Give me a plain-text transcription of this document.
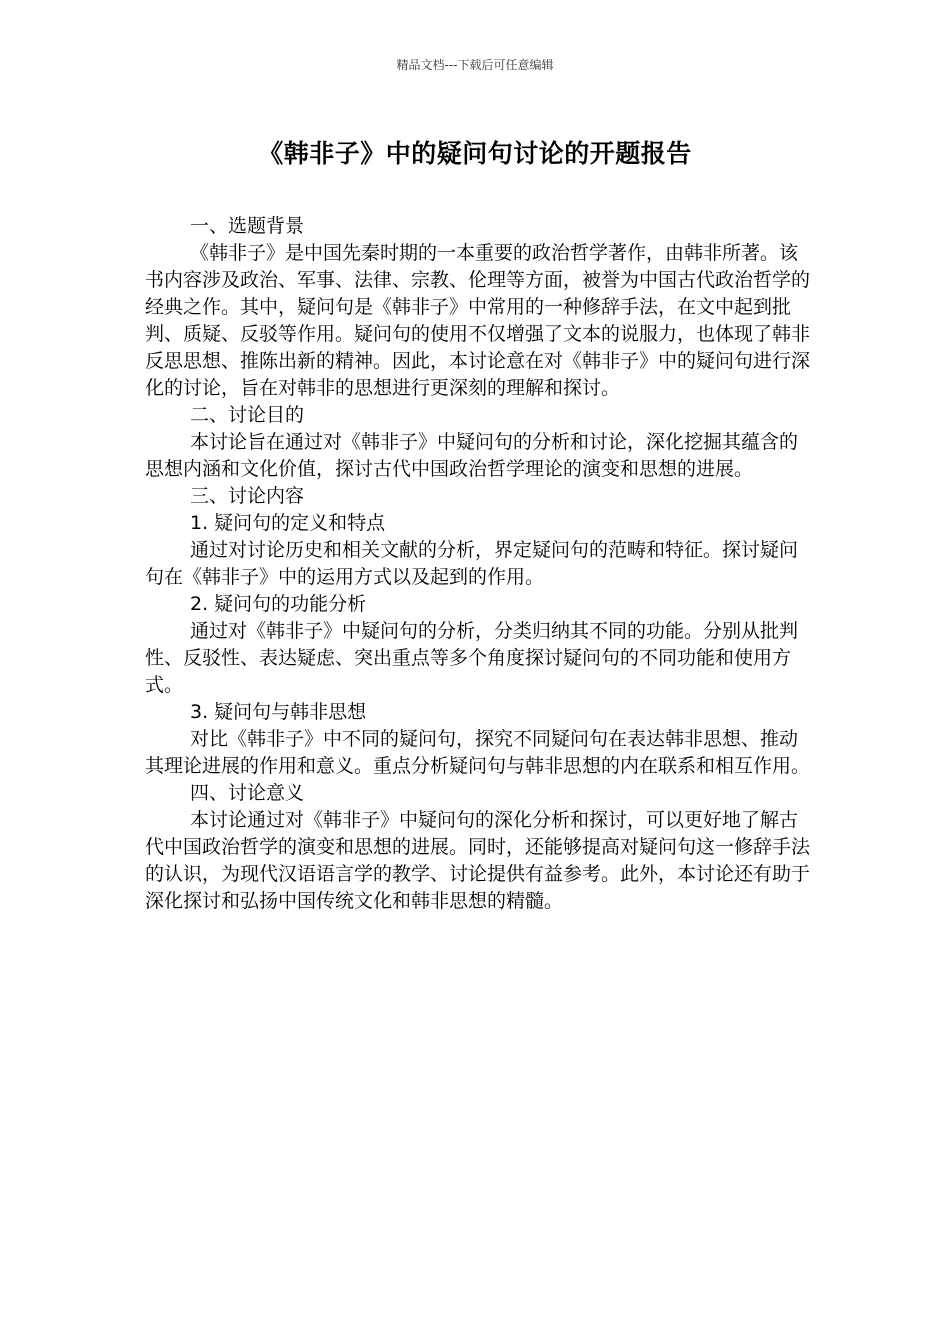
精品文档---下载后可任意编辑
《韩非子》中的疑问句讨论的开题报告

一、选题背景

《韩非子》是中国先秦时期的一本重要的政治哲学著作，由韩非所著。该书内容涉及政治、军事、法律、宗教、伦理等方面，被誉为中国古代政治哲学的经典之作。其中，疑问句是《韩非子》中常用的一种修辞手法，在文中起到批判、质疑、反驳等作用。疑问句的使用不仅增强了文本的说服力，也体现了韩非反思思想、推陈出新的精神。因此，本讨论意在对《韩非子》中的疑问句进行深化的讨论，旨在对韩非的思想进行更深刻的理解和探讨。

二、讨论目的

本讨论旨在通过对《韩非子》中疑问句的分析和讨论，深化挖掘其蕴含的思想内涵和文化价值，探讨古代中国政治哲学理论的演变和思想的进展。

三、讨论内容

1. 疑问句的定义和特点

通过对讨论历史和相关文献的分析，界定疑问句的范畴和特征。探讨疑问句在《韩非子》中的运用方式以及起到的作用。

2. 疑问句的功能分析

通过对《韩非子》中疑问句的分析，分类归纳其不同的功能。分别从批判性、反驳性、表达疑虑、突出重点等多个角度探讨疑问句的不同功能和使用方式。

3. 疑问句与韩非思想

对比《韩非子》中不同的疑问句，探究不同疑问句在表达韩非思想、推动其理论进展的作用和意义。重点分析疑问句与韩非思想的内在联系和相互作用。

四、讨论意义

本讨论通过对《韩非子》中疑问句的深化分析和探讨，可以更好地了解古代中国政治哲学的演变和思想的进展。同时，还能够提高对疑问句这一修辞手法的认识，为现代汉语语言学的教学、讨论提供有益参考。此外，本讨论还有助于深化探讨和弘扬中国传统文化和韩非思想的精髓。
